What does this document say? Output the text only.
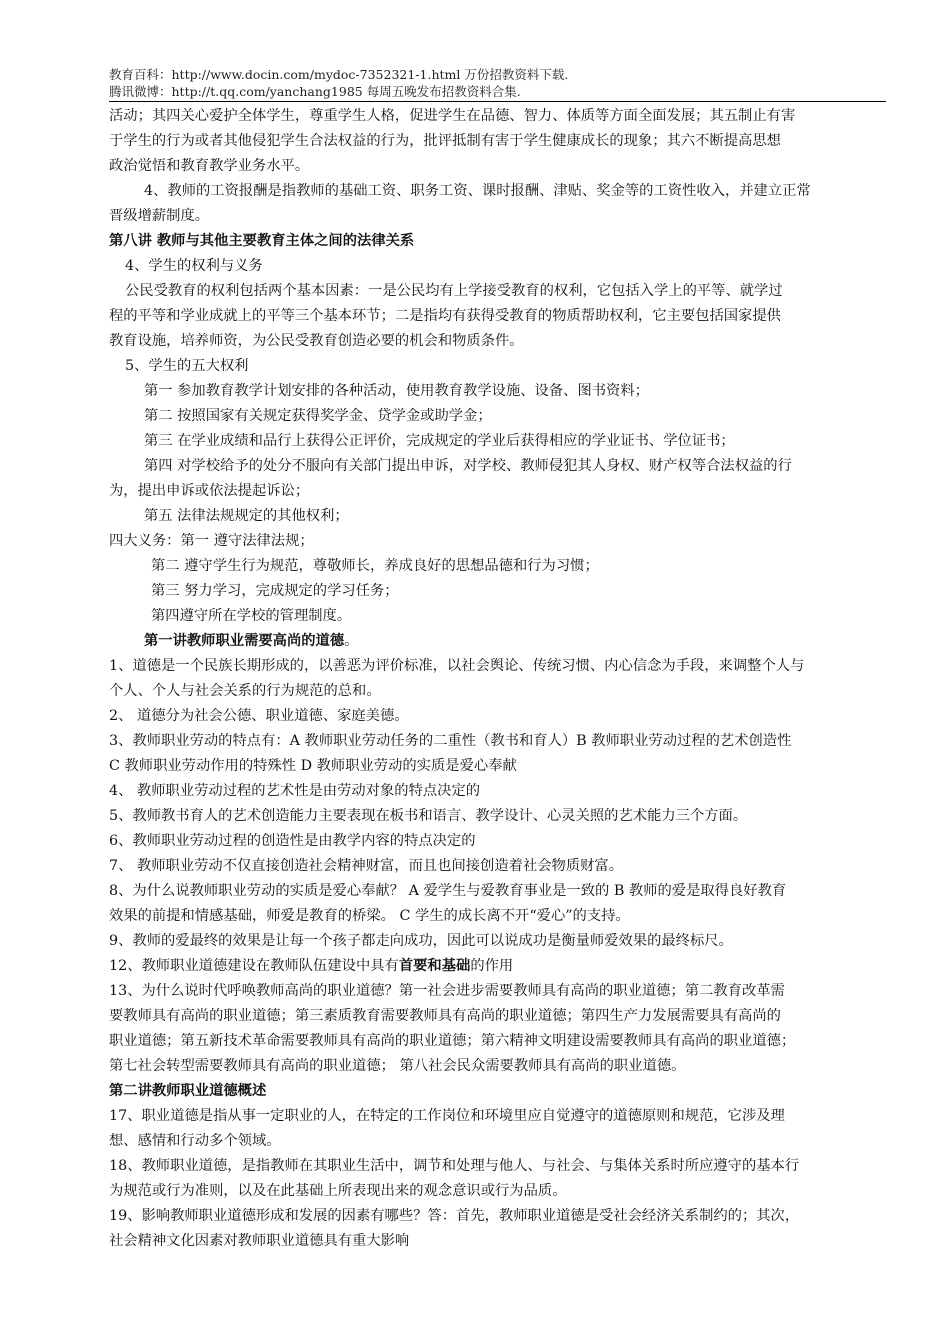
教育百科：http://www.docin.com/mydoc-7352321-1.html 万份招教资料下载.
腾讯微博：http://t.qq.com/yanchang1985 每周五晚发布招教资料合集.

活动；其四关心爱护全体学生，尊重学生人格，促进学生在品德、智力、体质等方面全面发展；其五制止有害

于学生的行为或者其他侵犯学生合法权益的行为，批评抵制有害于学生健康成长的现象；其六不断提高思想

政治觉悟和教育教学业务水平。

4、教师的工资报酬是指教师的基础工资、职务工资、课时报酬、津贴、奖金等的工资性收入，并建立正常

晋级增薪制度。

第八讲 教师与其他主要教育主体之间的法律关系

4、学生的权利与义务

公民受教育的权利包括两个基本因素：一是公民均有上学接受教育的权利，它包括入学上的平等、就学过

程的平等和学业成就上的平等三个基本环节；二是指均有获得受教育的物质帮助权利，它主要包括国家提供

教育设施，培养师资，为公民受教育创造必要的机会和物质条件。

5、学生的五大权利

第一 参加教育教学计划安排的各种活动，使用教育教学设施、设备、图书资料；

第二 按照国家有关规定获得奖学金、贷学金或助学金；

第三 在学业成绩和品行上获得公正评价，完成规定的学业后获得相应的学业证书、学位证书；

第四 对学校给予的处分不服向有关部门提出申诉，对学校、教师侵犯其人身权、财产权等合法权益的行

为，提出申诉或依法提起诉讼；

第五 法律法规规定的其他权利；

四大义务：第一 遵守法律法规；

第二 遵守学生行为规范，尊敬师长，养成良好的思想品德和行为习惯；

第三 努力学习，完成规定的学习任务；

第四遵守所在学校的管理制度。

第一讲教师职业需要高尚的道德。

1、道德是一个民族长期形成的，以善恶为评价标准，以社会舆论、传统习惯、内心信念为手段，来调整个人与

个人、个人与社会关系的行为规范的总和。

2、 道德分为社会公德、职业道德、家庭美德。

3、教师职业劳动的特点有：A 教师职业劳动任务的二重性（教书和育人）B 教师职业劳动过程的艺术创造性

C 教师职业劳动作用的特殊性 D 教师职业劳动的实质是爱心奉献

4、 教师职业劳动过程的艺术性是由劳动对象的特点决定的

5、教师教书育人的艺术创造能力主要表现在板书和语言、教学设计、心灵关照的艺术能力三个方面。

6、教师职业劳动过程的创造性是由教学内容的特点决定的

7、 教师职业劳动不仅直接创造社会精神财富，而且也间接创造着社会物质财富。

8、为什么说教师职业劳动的实质是爱心奉献？ A 爱学生与爱教育事业是一致的 B 教师的爱是取得良好教育

效果的前提和情感基础，师爱是教育的桥梁。 C 学生的成长离不开“爱心”的支持。

9、教师的爱最终的效果是让每一个孩子都走向成功，因此可以说成功是衡量师爱效果的最终标尺。

12、教师职业道德建设在教师队伍建设中具有首要和基础的作用

13、为什么说时代呼唤教师高尚的职业道德？第一社会进步需要教师具有高尚的职业道德；第二教育改革需

要教师具有高尚的职业道德；第三素质教育需要教师具有高尚的职业道德；第四生产力发展需要具有高尚的

职业道德；第五新技术革命需要教师具有高尚的职业道德；第六精神文明建设需要教师具有高尚的职业道德；

第七社会转型需要教师具有高尚的职业道德； 第八社会民众需要教师具有高尚的职业道德。

第二讲教师职业道德概述

17、职业道德是指从事一定职业的人，在特定的工作岗位和环境里应自觉遵守的道德原则和规范，它涉及理

想、感情和行动多个领域。

18、教师职业道德，是指教师在其职业生活中，调节和处理与他人、与社会、与集体关系时所应遵守的基本行

为规范或行为准则，以及在此基础上所表现出来的观念意识或行为品质。

19、影响教师职业道德形成和发展的因素有哪些？答：首先，教师职业道德是受社会经济关系制约的；其次，

社会精神文化因素对教师职业道德具有重大影响
